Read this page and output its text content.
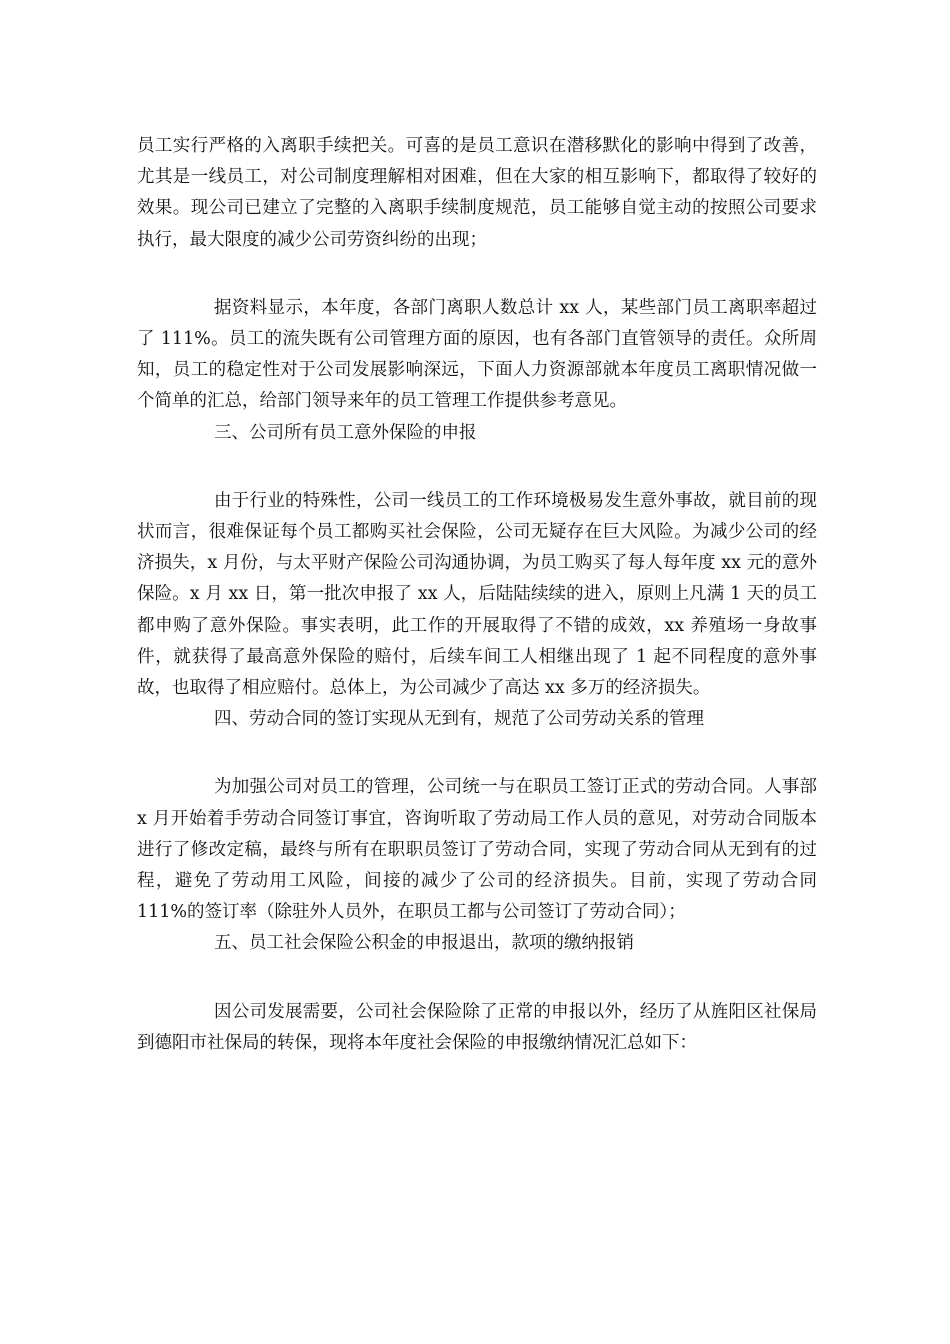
员工实行严格的入离职手续把关。可喜的是员工意识在潜移默化的影响中得到了改善，尤其是一线员工，对公司制度理解相对困难，但在大家的相互影响下，都取得了较好的效果。现公司已建立了完整的入离职手续制度规范，员工能够自觉主动的按照公司要求执行，最大限度的减少公司劳资纠纷的出现；

据资料显示，本年度，各部门离职人数总计 xx 人，某些部门员工离职率超过了 111%。员工的流失既有公司管理方面的原因，也有各部门直管领导的责任。众所周知，员工的稳定性对于公司发展影响深远，下面人力资源部就本年度员工离职情况做一个简单的汇总，给部门领导来年的员工管理工作提供参考意见。

三、公司所有员工意外保险的申报

由于行业的特殊性，公司一线员工的工作环境极易发生意外事故，就目前的现状而言，很难保证每个员工都购买社会保险，公司无疑存在巨大风险。为减少公司的经济损失，x 月份，与太平财产保险公司沟通协调，为员工购买了每人每年度 xx 元的意外保险。x 月 xx 日，第一批次申报了 xx 人，后陆陆续续的进入，原则上凡满 1 天的员工都申购了意外保险。事实表明，此工作的开展取得了不错的成效，xx 养殖场一身故事件，就获得了最高意外保险的赔付，后续车间工人相继出现了 1 起不同程度的意外事故，也取得了相应赔付。总体上，为公司减少了高达 xx 多万的经济损失。

四、劳动合同的签订实现从无到有，规范了公司劳动关系的管理

为加强公司对员工的管理，公司统一与在职员工签订正式的劳动合同。人事部 x 月开始着手劳动合同签订事宜，咨询听取了劳动局工作人员的意见，对劳动合同版本进行了修改定稿，最终与所有在职职员签订了劳动合同，实现了劳动合同从无到有的过程，避免了劳动用工风险，间接的减少了公司的经济损失。目前，实现了劳动合同 111%的签订率（除驻外人员外，在职员工都与公司签订了劳动合同）；

五、员工社会保险公积金的申报退出，款项的缴纳报销

因公司发展需要，公司社会保险除了正常的申报以外，经历了从旌阳区社保局到德阳市社保局的转保，现将本年度社会保险的申报缴纳情况汇总如下：
